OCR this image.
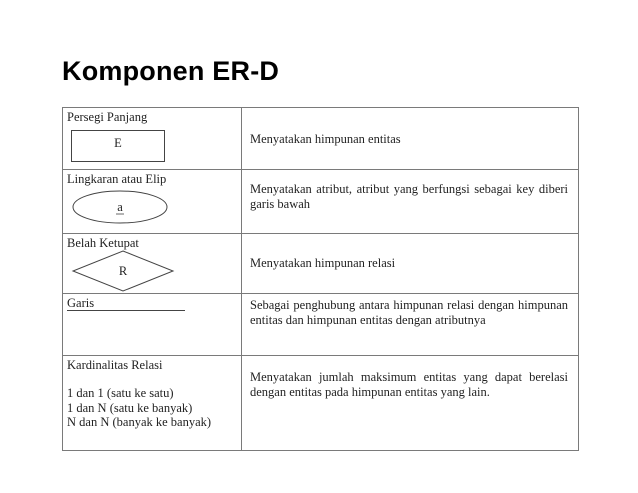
Komponen ER-D
Persegi Panjang
E	Menyatakan himpunan entitas

Lingkaran atau Elip
a	Menyatakan atribut, atribut yang berfungsi sebagai key diberi garis bawah

Belah Ketupat
R	Menyatakan himpunan relasi

Garis	Sebagai penghubung antara himpunan relasi dengan himpunan entitas dan himpunan entitas dengan atributnya

Kardinalitas Relasi
1 dan 1 (satu ke satu)
1 dan N (satu ke banyak)
N dan N (banyak ke banyak)	Menyatakan jumlah maksimum entitas yang dapat berelasi dengan entitas pada himpunan entitas yang lain.
